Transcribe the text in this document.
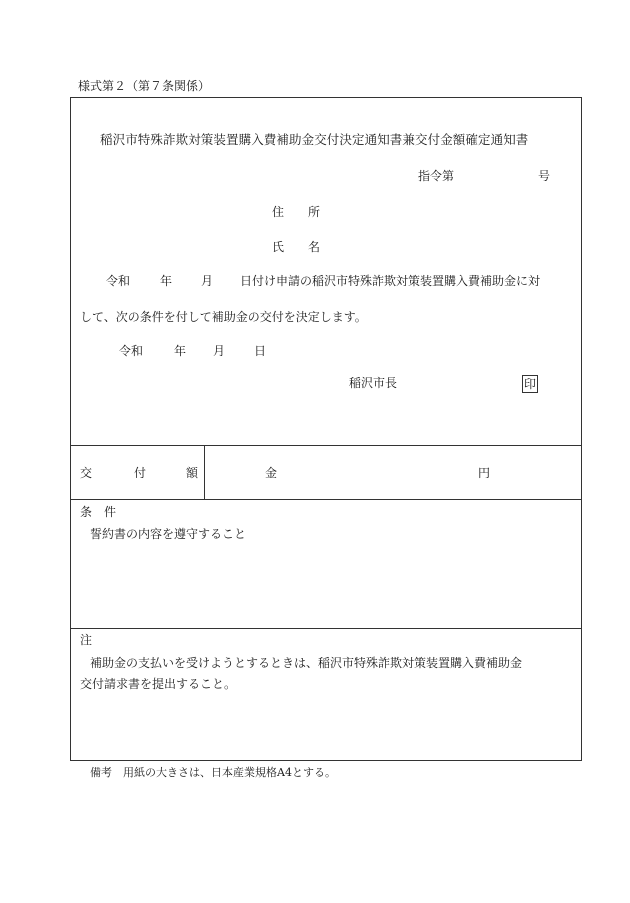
様式第２（第７条関係）
稲沢市特殊詐欺対策装置購入費補助金交付決定通知書兼交付金額確定通知書
指令第	号
住　　所
氏　　名
令和 年 月 日付け申請の稲沢市特殊詐欺対策装置購入費補助金に対
して、次の条件を付して補助金の交付を決定します。
令和	年 月 日
稲沢市長	印
交	付	額	金	円
条　件
誓約書の内容を遵守すること
注
補助金の支払いを受けようとするときは、稲沢市特殊詐欺対策装置購入費補助金
交付請求書を提出すること。
備考　用紙の大きさは、日本産業規格A4とする。
